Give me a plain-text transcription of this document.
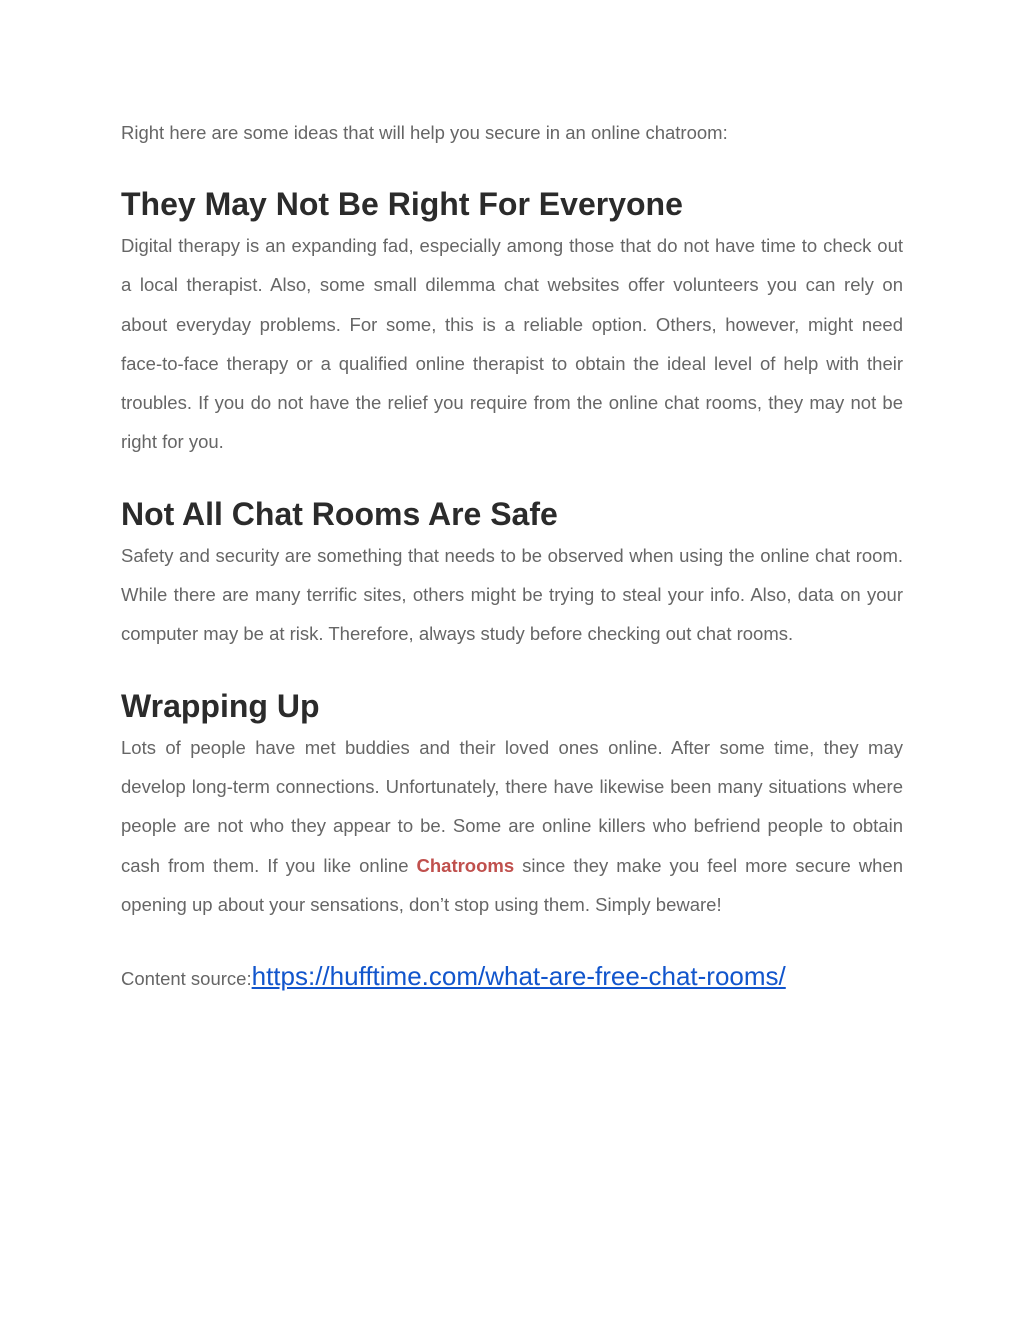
Right here are some ideas that will help you secure in an online chatroom:

They May Not Be Right For Everyone

Digital therapy is an expanding fad, especially among those that do not have time to check out a local therapist. Also, some small dilemma chat websites offer volunteers you can rely on about everyday problems. For some, this is a reliable option. Others, however, might need face-to-face therapy or a qualified online therapist to obtain the ideal level of help with their troubles. If you do not have the relief you require from the online chat rooms, they may not be right for you.

Not All Chat Rooms Are Safe

Safety and security are something that needs to be observed when using the online chat room. While there are many terrific sites, others might be trying to steal your info. Also, data on your computer may be at risk. Therefore, always study before checking out chat rooms.

Wrapping Up

Lots of people have met buddies and their loved ones online. After some time, they may develop long-term connections. Unfortunately, there have likewise been many situations where people are not who they appear to be. Some are online killers who befriend people to obtain cash from them. If you like online Chatrooms since they make you feel more secure when opening up about your sensations, don’t stop using them. Simply beware!

Content source:https://hufftime.com/what-are-free-chat-rooms/
